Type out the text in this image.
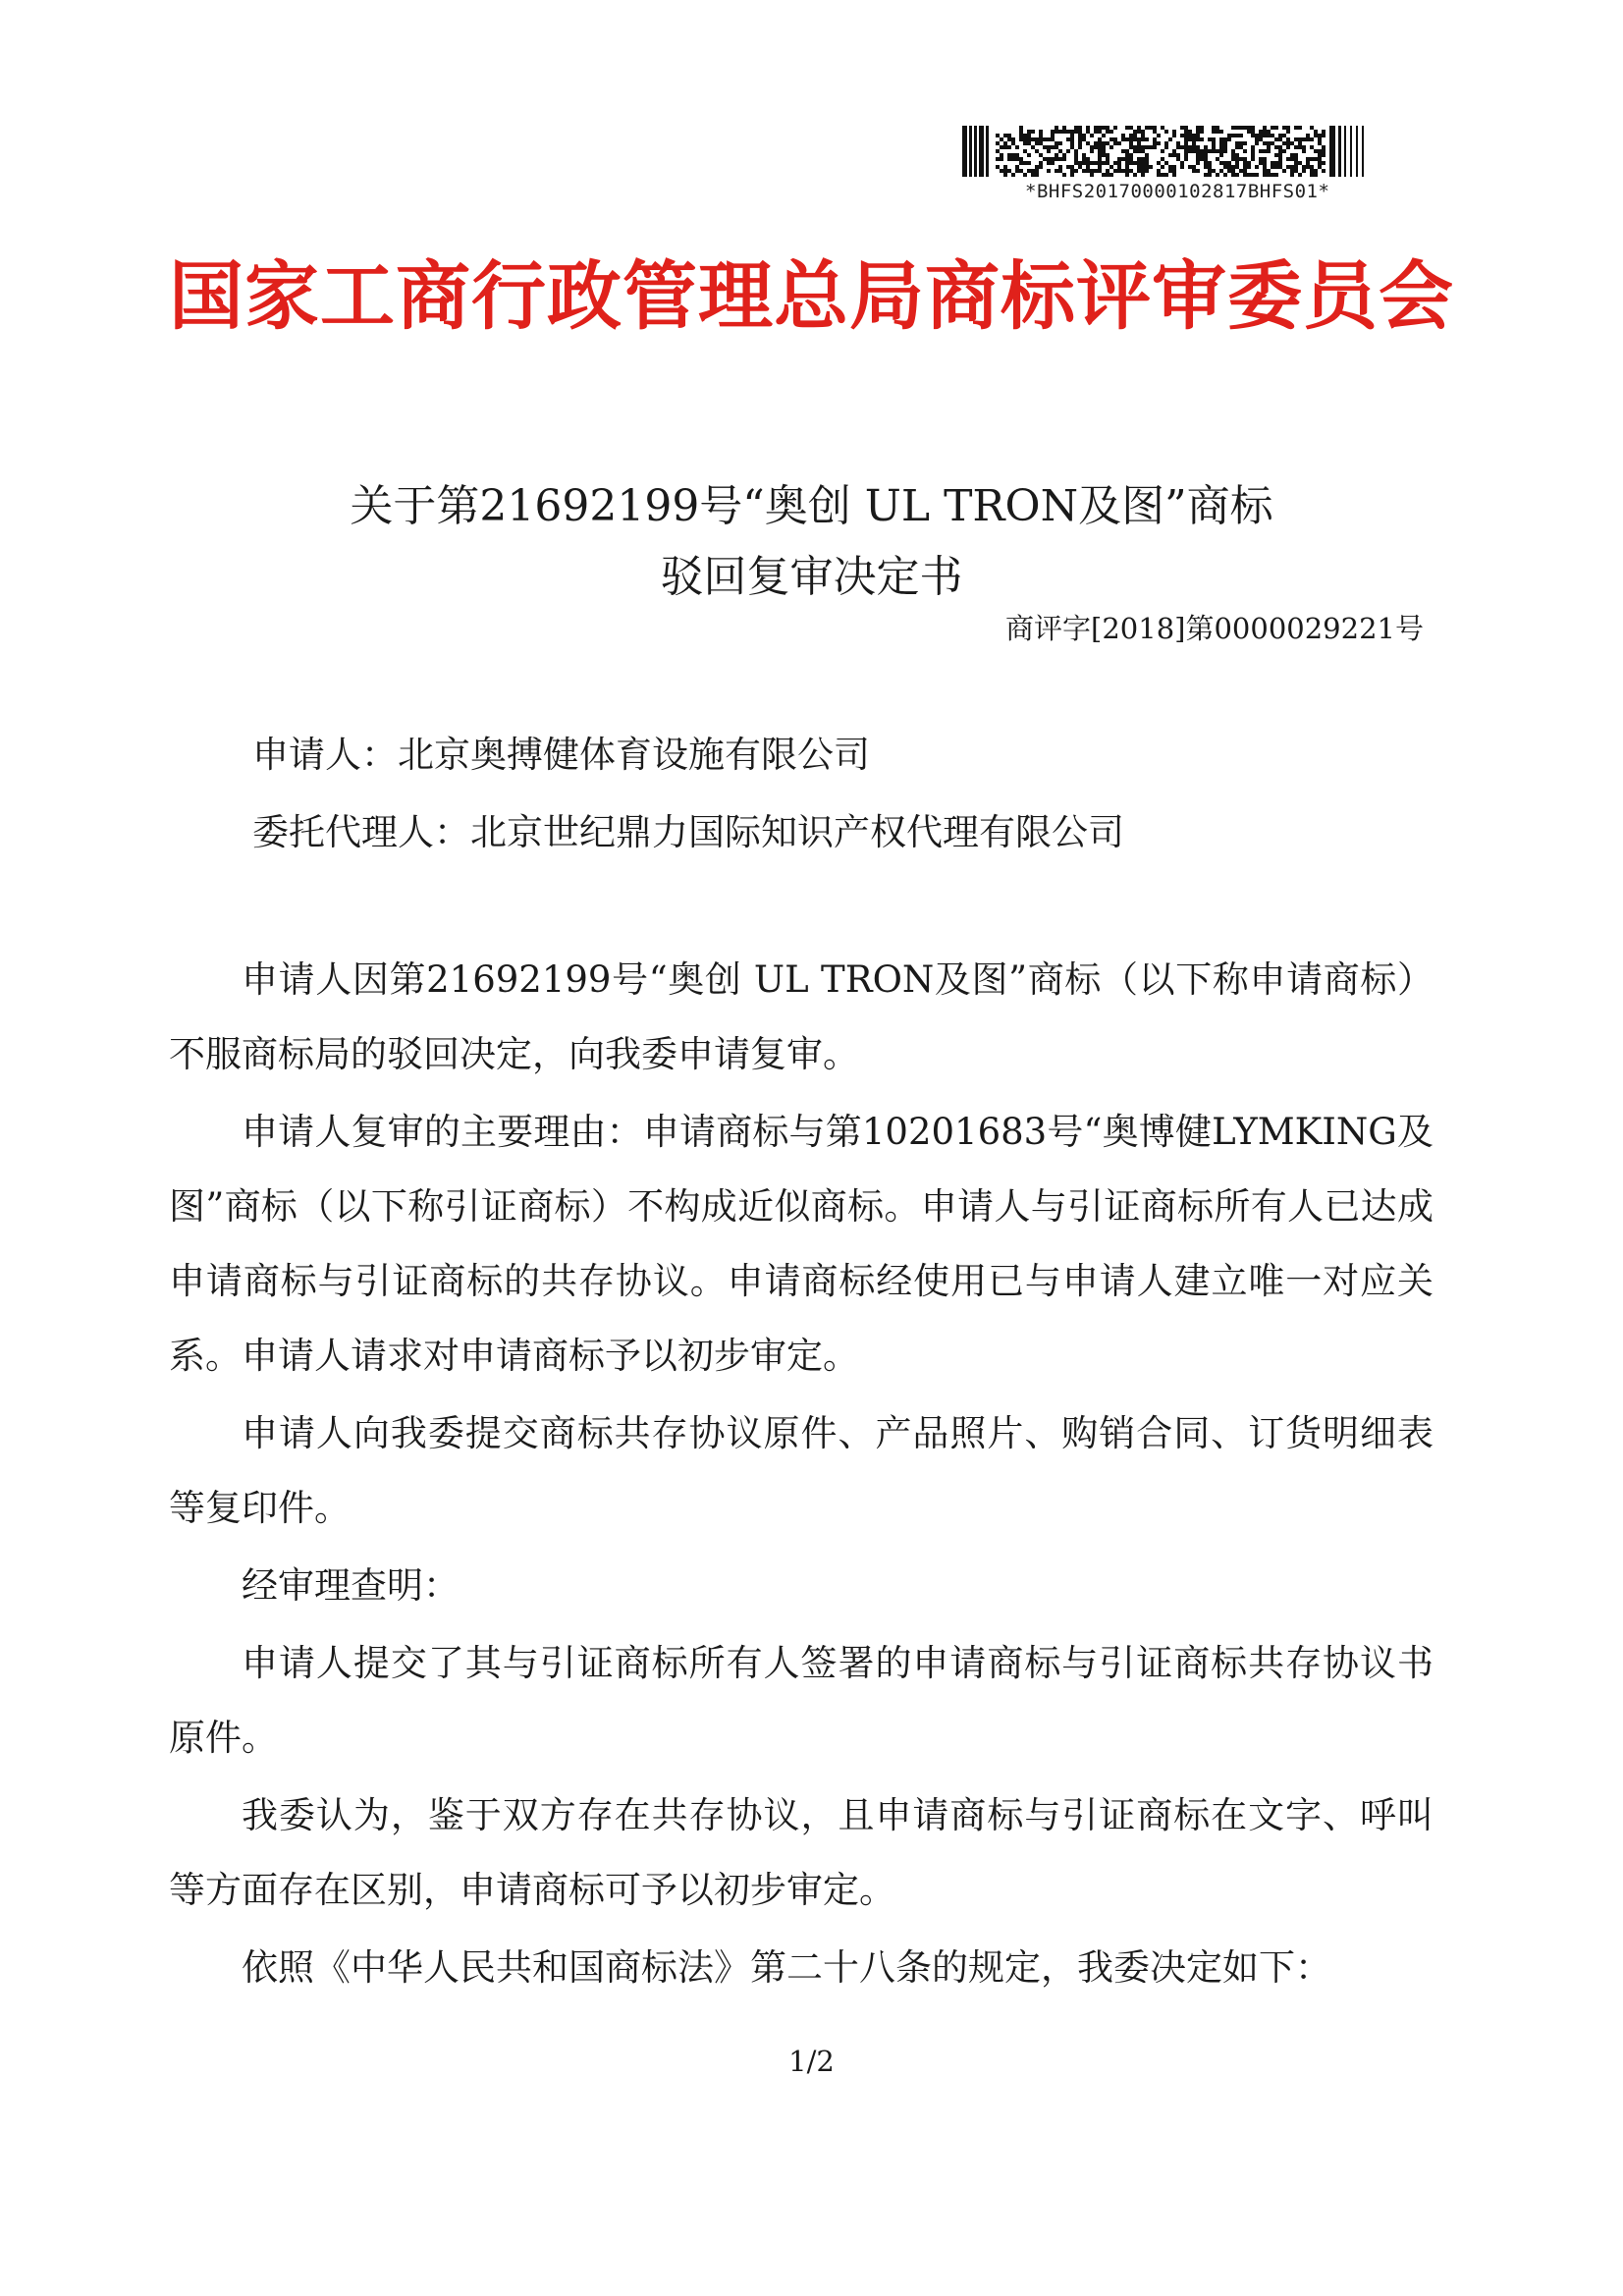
*BHFS20170000102817BHFS01*
国家工商行政管理总局商标评审委员会
关于第21692199号“奥创 UL TRON及图”商标
驳回复审决定书
商评字[2018]第0000029221号
申请人：北京奥搏健体育设施有限公司
委托代理人：北京世纪鼎力国际知识产权代理有限公司

申请人因第21692199号“奥创 UL TRON及图”商标（以下称申请商标）不服商标局的驳回决定，向我委申请复审。

申请人复审的主要理由：申请商标与第10201683号“奥博健LYMKING及图”商标（以下称引证商标）不构成近似商标。申请人与引证商标所有人已达成申请商标与引证商标的共存协议。申请商标经使用已与申请人建立唯一对应关系。申请人请求对申请商标予以初步审定。

申请人向我委提交商标共存协议原件、产品照片、购销合同、订货明细表等复印件。

经审理查明：

申请人提交了其与引证商标所有人签署的申请商标与引证商标共存协议书原件。

我委认为，鉴于双方存在共存协议，且申请商标与引证商标在文字、呼叫等方面存在区别，申请商标可予以初步审定。

依照《中华人民共和国商标法》第二十八条的规定，我委决定如下：

1/2
